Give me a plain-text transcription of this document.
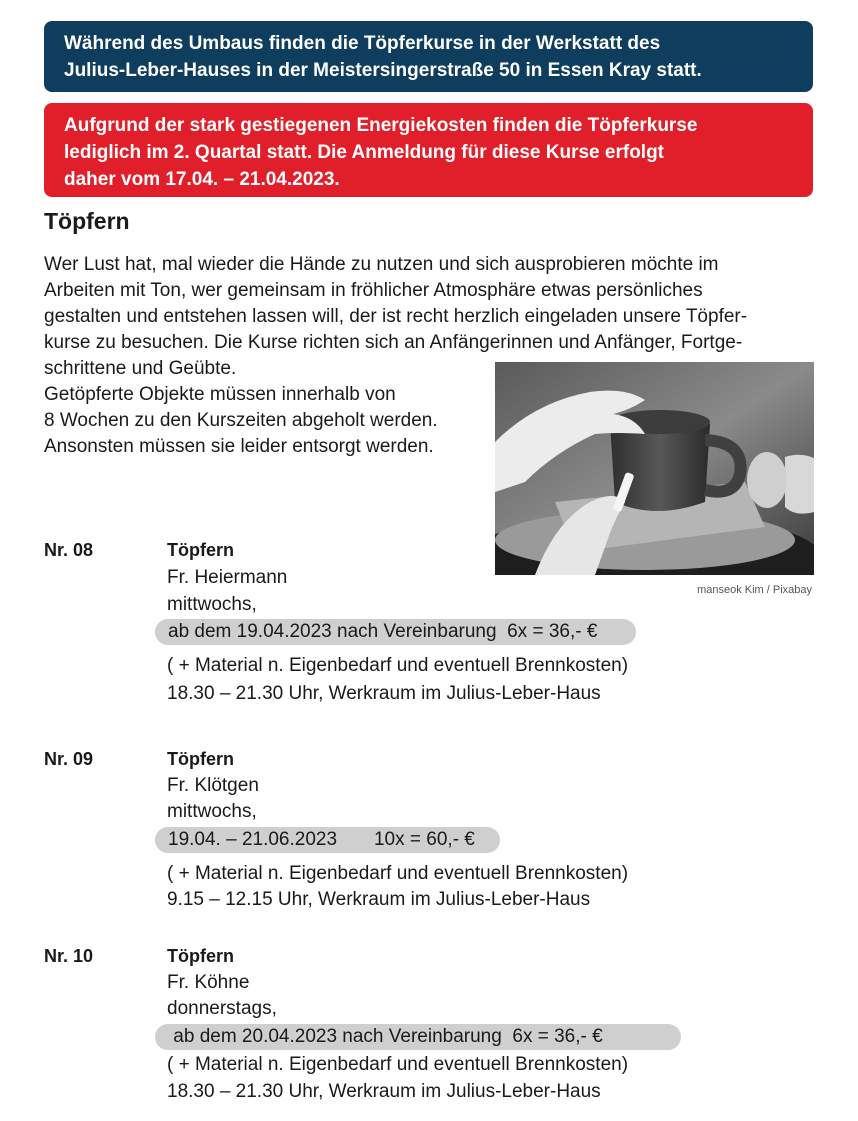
Während des Umbaus finden die Töpferkurse in der Werkstatt des
Julius-Leber-Hauses in der Meistersingerstraße 50 in Essen Kray statt.
Aufgrund der stark gestiegenen Energiekosten finden die Töpferkurse
lediglich im 2. Quartal statt. Die Anmeldung für diese Kurse erfolgt
daher vom 17.04. – 21.04.2023.
Töpfern
Wer Lust hat, mal wieder die Hände zu nutzen und sich ausprobieren möchte im
Arbeiten mit Ton, wer gemeinsam in fröhlicher Atmosphäre etwas persönliches
gestalten und entstehen lassen will, der ist recht herzlich eingeladen unsere Töpfer-
kurse zu besuchen. Die Kurse richten sich an Anfängerinnen und Anfänger, Fortge-
schrittene und Geübte.
Getöpferte Objekte müssen innerhalb von
8 Wochen zu den Kurszeiten abgeholt werden.
Ansonsten müssen sie leider entsorgt werden.
manseok Kim / Pixabay
Nr. 08	Töpfern
Fr. Heiermann
mittwochs,
ab dem 19.04.2023 nach Vereinbarung  6x = 36,- €
( + Material n. Eigenbedarf und eventuell Brennkosten)
18.30 – 21.30 Uhr, Werkraum im Julius-Leber-Haus
Nr. 09	Töpfern
Fr. Klötgen
mittwochs,
19.04. – 21.06.2023       10x = 60,- €
( + Material n. Eigenbedarf und eventuell Brennkosten)
9.15 – 12.15 Uhr, Werkraum im Julius-Leber-Haus
Nr. 10	Töpfern
Fr. Köhne
donnerstags,
ab dem 20.04.2023 nach Vereinbarung  6x = 36,- €
( + Material n. Eigenbedarf und eventuell Brennkosten)
18.30 – 21.30 Uhr, Werkraum im Julius-Leber-Haus
